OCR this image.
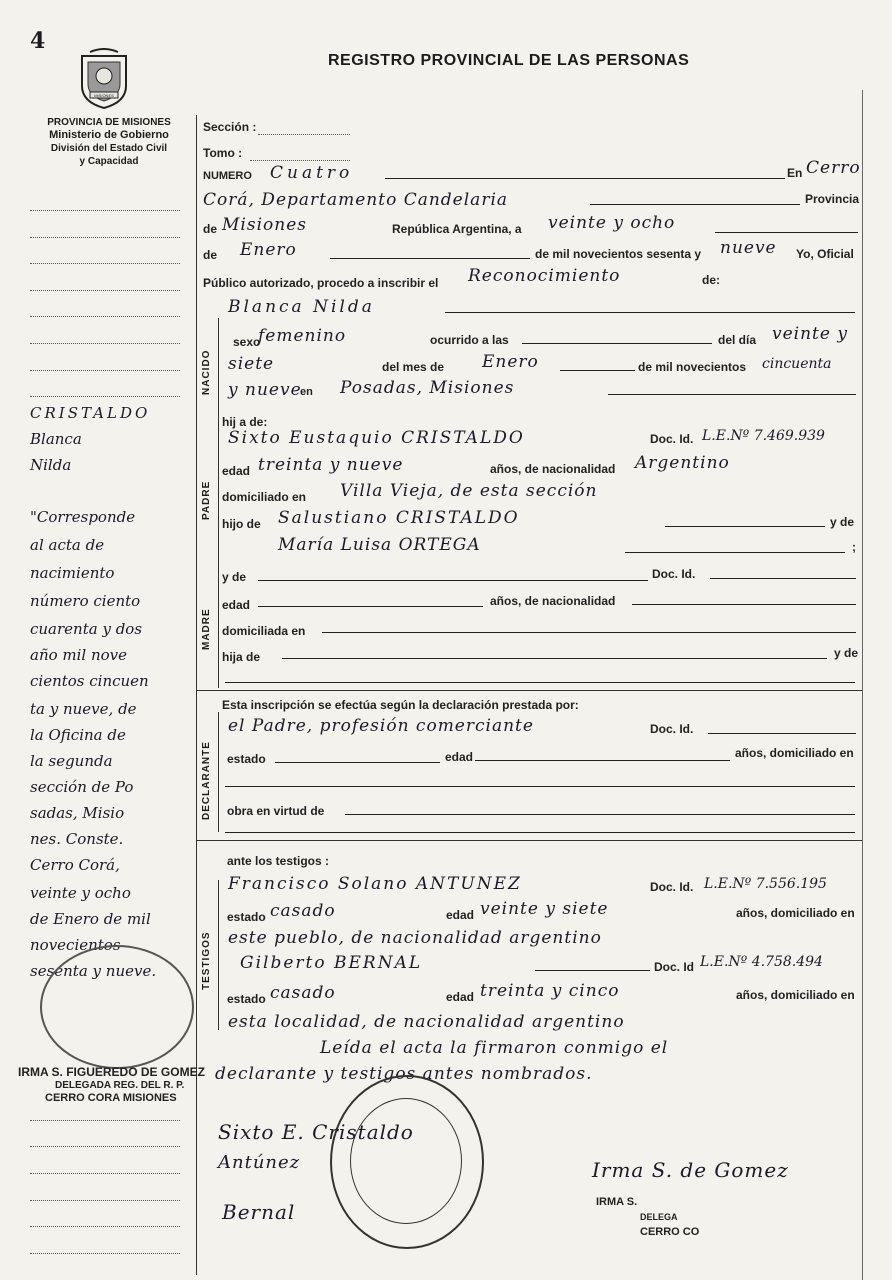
4
REGISTRO PROVINCIAL DE LAS PERSONAS
MISIONES
PROVINCIA DE MISIONES
Ministerio de Gobierno
División del Estado Civil
y Capacidad
NACIDO
PADRE
MADRE
DECLARANTE
TESTIGOS
CRISTALDO
Blanca
Nilda
"Corresponde
al acta de
nacimiento
número ciento
cuarenta y dos
año mil nove
cientos cincuen
ta y nueve, de
la Oficina de
la segunda
sección de Po
sadas, Misio
nes. Conste.
Cerro Corá,
veinte y ocho
de Enero de mil
novecientos
sesenta y nueve.
Sección :
Tomo :
NUMERO Cuatro	En Cerro
Corá, Departamento Candelaria	Provincia
de Misiones	República Argentina, a veinte y ocho
de Enero	de mil novecientos sesenta y nueve Yo, Oficial
Público autorizado, procedo a inscribir el Reconocimiento	de:
Blanca Nilda
sexo
femenino	ocurrido a las	del día veinte y
siete	del mes de Enero	de mil novecientos cincuenta
y nueve
en Posadas, Misiones
hij a de:
Sixto Eustaquio CRISTALDO	Doc. Id. L.E.Nº 7.469.939
edad treinta y nueve	años, de nacionalidad Argentino
domiciliado en Villa Vieja, de esta sección
hijo de Salustiano CRISTALDO	y de
María Luisa ORTEGA	;
y de	Doc. Id.
edad	años, de nacionalidad
domiciliada en
hija de	y de
Esta inscripción se efectúa según la declaración prestada por:
el Padre, profesión comerciante	Doc. Id.
estado	edad	años, domiciliado en
obra en virtud de
ante los testigos :
Francisco Solano ANTUNEZ	Doc. Id. L.E.Nº 7.556.195
estado casado	edad veinte y siete	años, domiciliado en
este pueblo, de nacionalidad argentino
Gilberto BERNAL	Doc. Id L.E.Nº 4.758.494
estado casado	edad treinta y cinco	años, domiciliado en
esta localidad, de nacionalidad argentino
Leída el acta la firmaron conmigo el
declarante y testigos antes nombrados.
IRMA S. FIGUEREDO DE GOMEZ
DELEGADA REG. DEL R. P.
CERRO CORA MISIONES
Sixto E. Cristaldo
Antúnez
Bernal
Irma S. de Gomez
IRMA S.
DELEGA
CERRO CO
